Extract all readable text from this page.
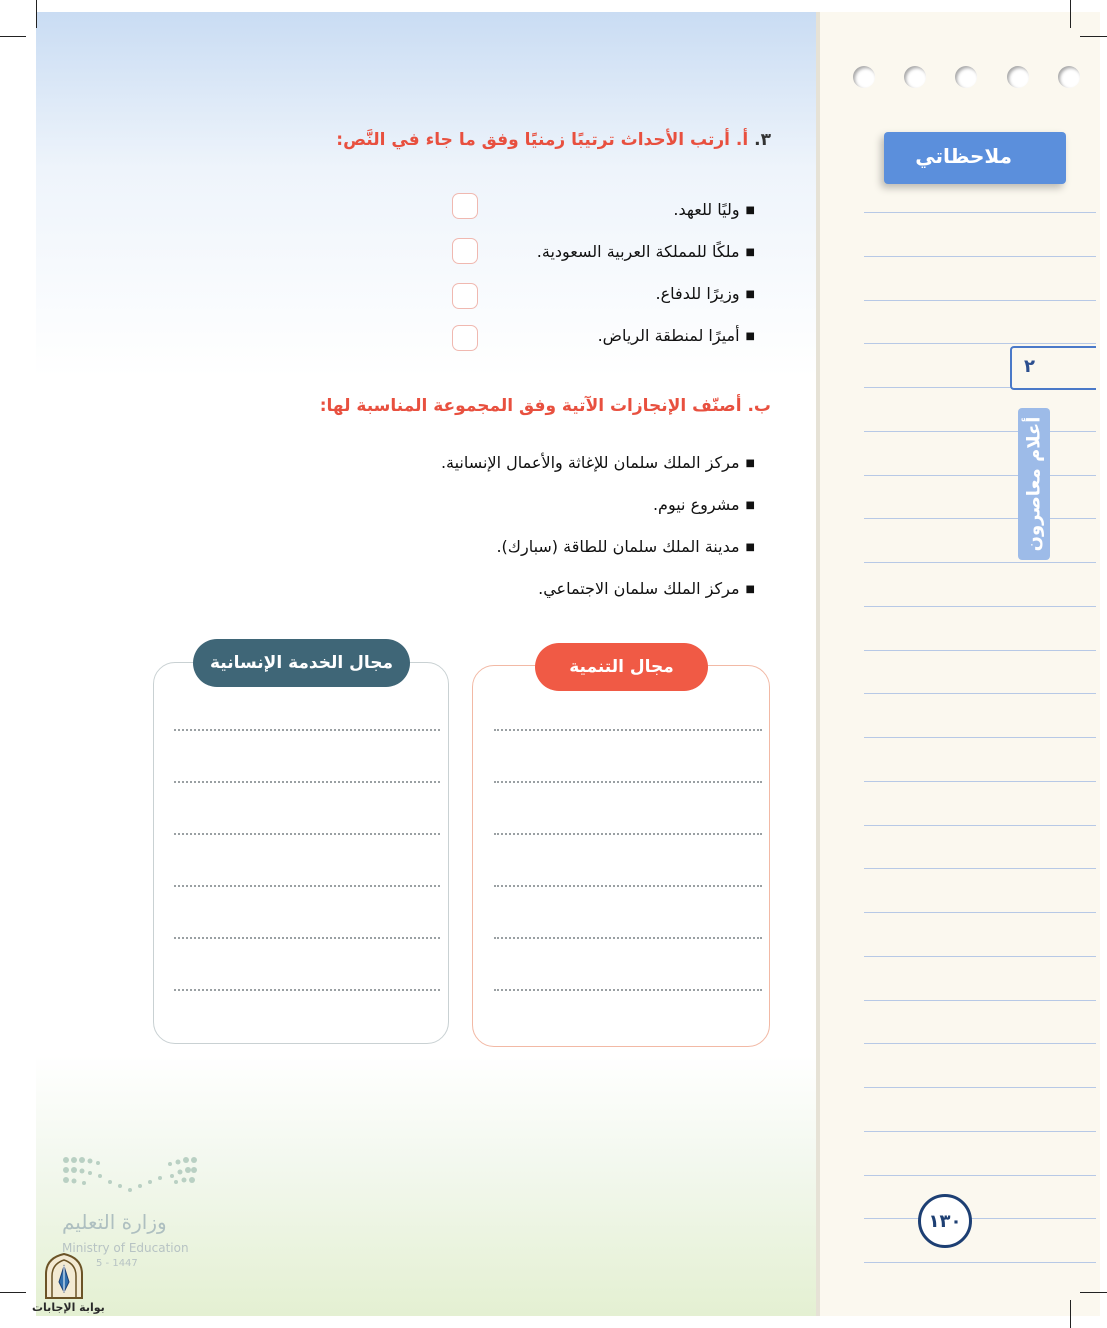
٣. أ. أرتب الأحداث ترتيبًا زمنيًا وفق ما جاء في النَّص:
■ وليًا للعهد.
■ ملكًا للمملكة العربية السعودية.
■ وزيرًا للدفاع.
■ أميرًا لمنطقة الرياض.
ب. أصنّف الإنجازات الآتية وفق المجموعة المناسبة لها:
■ مركز الملك سلمان للإغاثة والأعمال الإنسانية.
■ مشروع نيوم.
■ مدينة الملك سلمان للطاقة (سبارك).
■ مركز الملك سلمان الاجتماعي.
مجال التنمية
مجال الخدمة الإنسانية
ملاحظاتي
٢
أعلام معاصرون
١٣٠
وزارة التعليم
Ministry of Education
5 - 1447
بوابة الإجابات
